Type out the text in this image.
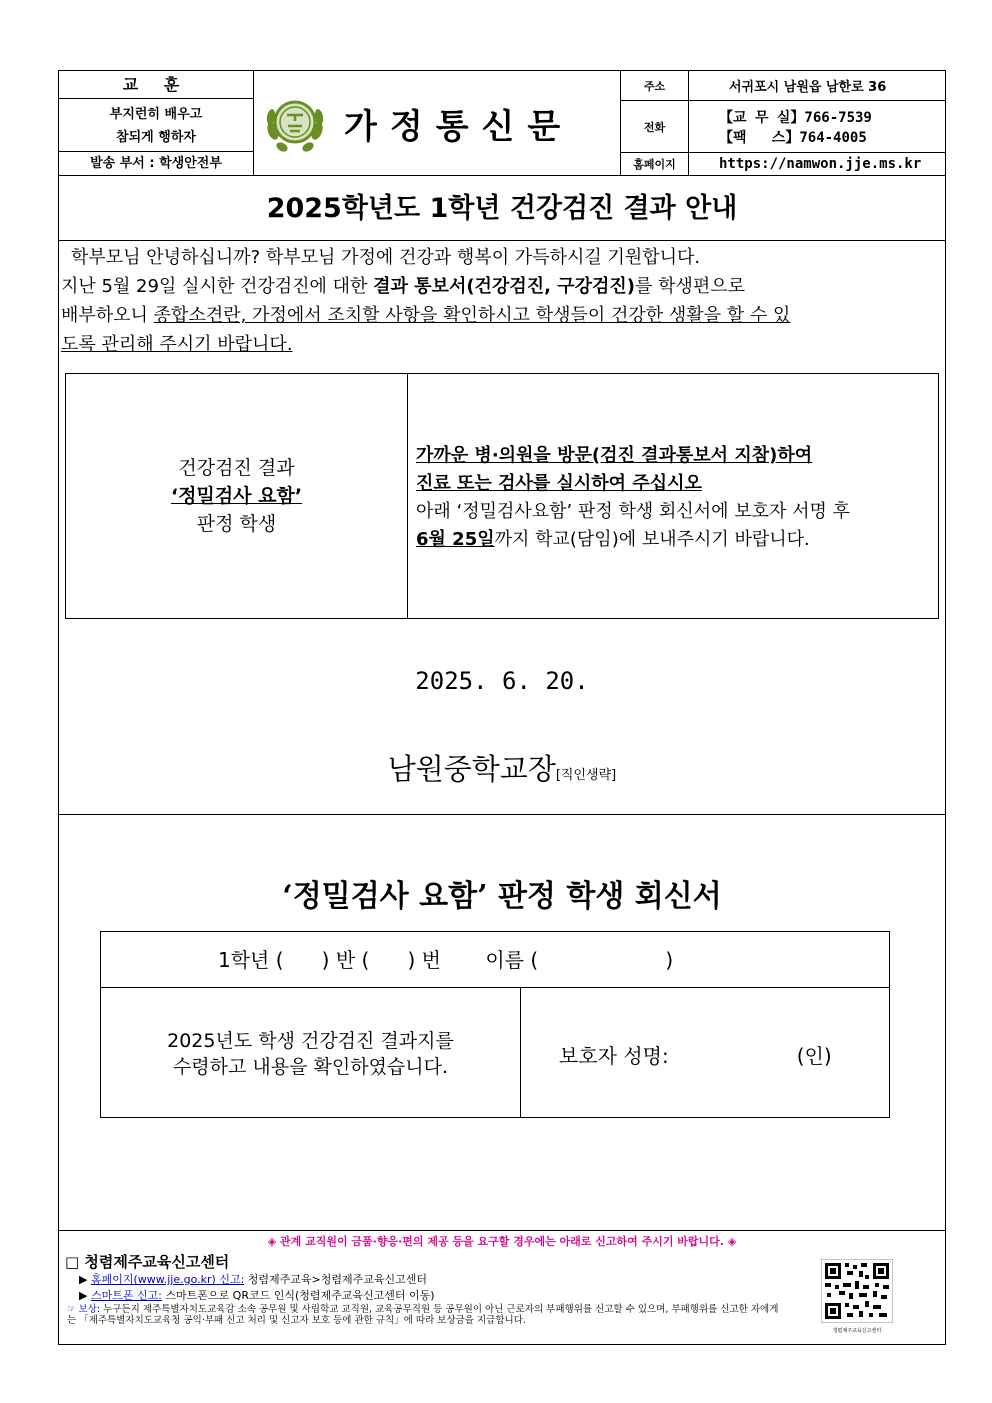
교 훈
부지런히 배우고
참되게 행하자
발송 부서 : 학생안전부
가정통신문
주소	서귀포시 남원읍 남한로 36
전화
【교 무 실】766-7539
【팩   스】764-4005
홈페이지	https://namwon.jje.ms.kr
2025학년도 1학년 건강검진 결과 안내
학부모님 안녕하십니까? 학부모님 가정에 건강과 행복이 가득하시길 기원합니다.
지난 5월 29일 실시한 건강검진에 대한 결과 통보서(건강검진, 구강검진)를 학생편으로
배부하오니 종합소견란, 가정에서 조치할 사항을 확인하시고 학생들이 건강한 생활을 할 수 있
도록 관리해 주시기 바랍니다.
건강검진 결과
‘정밀검사 요함’
판정 학생
가까운 병·의원을 방문(검진 결과통보서 지참)하여
진료 또는 검사를 실시하여 주십시오
아래 ‘정밀검사요함’ 판정 학생 회신서에 보호자 서명 후
6월 25일까지 학교(담임)에 보내주시기 바랍니다.
2025. 6. 20.
남원중학교장[직인생략]
‘정밀검사 요함’ 판정 학생 회신서
1학년 (      ) 반 (      ) 번       이름 (                    )
2025년도 학생 건강검진 결과지를
수령하고 내용을 확인하였습니다.	보호자 성명:	(인)
◈ 관계 교직원이 금품·향응·편의 제공 등을 요구할 경우에는 아래로 신고하여 주시기 바랍니다. ◈
□ 청렴제주교육신고센터
▶ 홈페이지(www.jje.go.kr) 신고: 청렴제주교육>청렴제주교육신고센터
▶ 스마트폰 신고: 스마트폰으로 QR코드 인식(청렴제주교육신고센터 이동)
☞ 보상: 누구든지 제주특별자치도교육감 소속 공무원 및 사립학교 교직원, 교육공무직원 등 공무원이 아닌 근로자의 부패행위를 신고할 수 있으며, 부패행위를 신고한 자에게는 「제주특별자치도교육청 공익·부패 신고 처리 및 신고자 보호 등에 관한 규칙」에 따라 보상금을 지급합니다.
청렴제주교육신고센터
